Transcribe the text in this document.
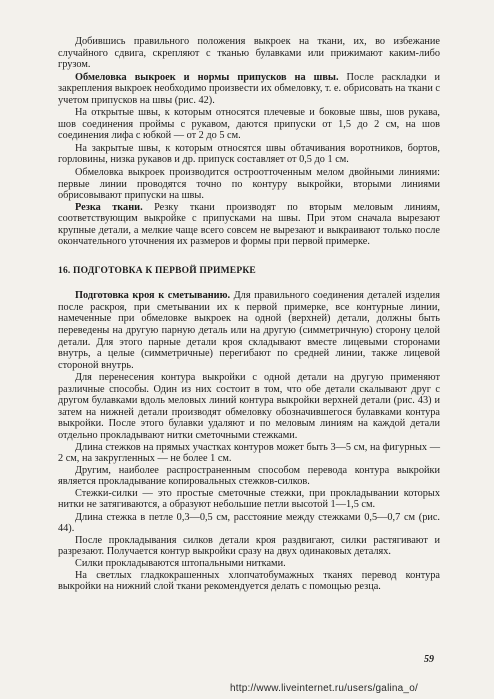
Добившись правильного положения выкроек на ткани, их, во избежание случайного сдвига, скрепляют с тканью булавками или прижимают каким-либо грузом.

Обмеловка выкроек и нормы припусков на швы. После раскладки и закрепления выкроек необходимо произвести их обмеловку, т. е. обрисовать на ткани с учетом припусков на швы (рис. 42).

На открытые швы, к которым относятся плечевые и боковые швы, шов рукава, шов соединения проймы с рукавом, даются припуски от 1,5 до 2 см, на шов соединения лифа с юбкой — от 2 до 5 см.

На закрытые швы, к которым относятся швы обтачивания воротников, бортов, горловины, низка рукавов и др. припуск составляет от 0,5 до 1 см.

Обмеловка выкроек производится остроотточенным мелом двойными линиями: первые линии проводятся точно по контуру выкройки, вторыми линиями обрисовывают припуски на швы.

Резка ткани. Резку ткани производят по вторым меловым линиям, соответствующим выкройке с припусками на швы. При этом сначала вырезают крупные детали, а мелкие чаще всего совсем не вырезают и выкраивают только после окончательного уточнения их размеров и формы при первой примерке.

16. ПОДГОТОВКА К ПЕРВОЙ ПРИМЕРКЕ

Подготовка кроя к сметыванию. Для правильного соединения деталей изделия после раскроя, при сметывании их к первой примерке, все контурные линии, намеченные при обмеловке выкроек на одной (верхней) детали, должны быть переведены на другую парную деталь или на другую (симметричную) сторону целой детали. Для этого парные детали кроя складывают вместе лицевыми сторонами внутрь, а целые (симметричные) перегибают по средней линии, также лицевой стороной внутрь.

Для перенесения контура выкройки с одной детали на другую применяют различные способы. Один из них состоит в том, что обе детали скалывают друг с другом булавками вдоль меловых линий контура выкройки верхней детали (рис. 43) и затем на нижней детали производят обмеловку обозначившегося булавками контура выкройки. После этого булавки удаляют и по меловым линиям на каждой детали отдельно прокладывают нитки сметочными стежками.

Длина стежков на прямых участках контуров может быть 3—5 см, на фигурных — 2 см, на закругленных — не более 1 см.

Другим, наиболее распространенным способом перевода контура выкройки является прокладывание копировальных стежков-силков.

Стежки-силки — это простые сметочные стежки, при прокладывании которых нитки не затягиваются, а образуют небольшие петли высотой 1—1,5 см.

Длина стежка в петле 0,3—0,5 см, расстояние между стежками 0,5—0,7 см (рис. 44).

После прокладывания силков детали кроя раздвигают, силки растягивают и разрезают. Получается контур выкройки сразу на двух одинаковых деталях.

Силки прокладываются штопальными нитками.

На светлых гладкокрашенных хлопчатобумажных тканях перевод контура выкройки на нижний слой ткани рекомендуется делать с помощью резца.

59
http://www.liveinternet.ru/users/galina_o/
